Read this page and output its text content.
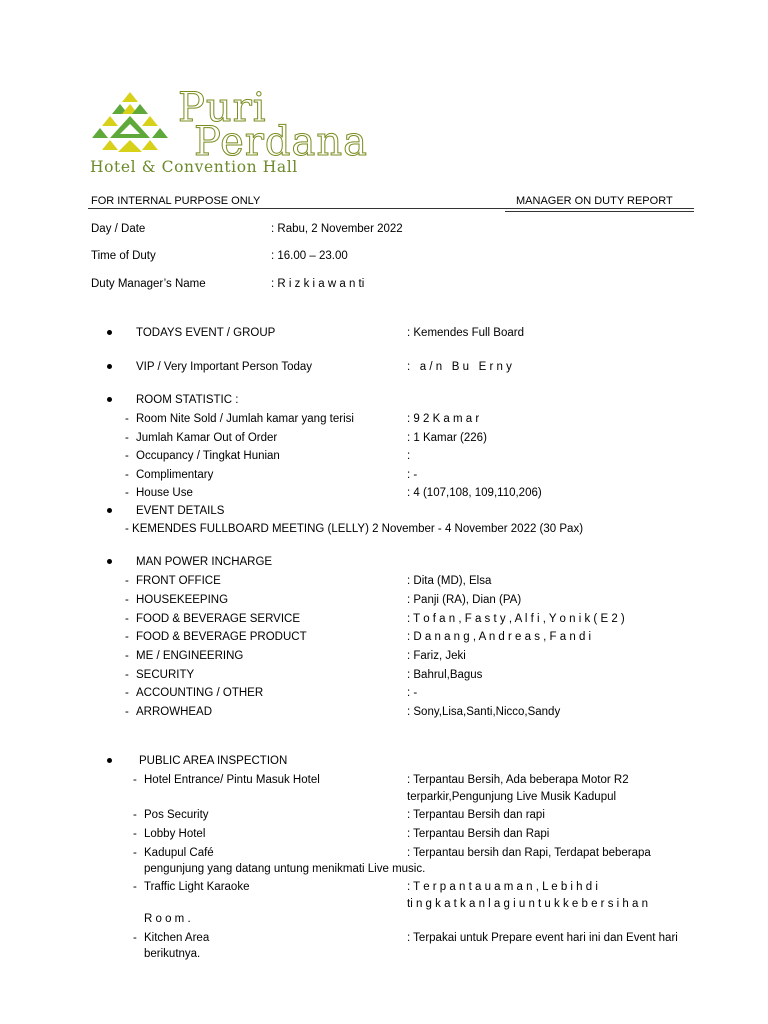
Puri
Perdana
Hotel & Convention Hall
FOR INTERNAL PURPOSE ONLY	MANAGER ON DUTY REPORT
Day / Date	: Rabu, 2 November 2022
Time of Duty	: 16.00 – 23.00
Duty Manager’s Name	: R i z k i a w a n ti
TODAYS EVENT / GROUP	: Kemendes Full Board
VIP / Very Important Person Today	: a/n Bu Erny
ROOM STATISTIC :
- Room Nite Sold / Jumlah kamar yang terisi	: 9 2 K a m a r
- Jumlah Kamar Out of Order	: 1 Kamar (226)
- Occupancy / Tingkat Hunian	:
- Complimentary	: -
- House Use	: 4 (107,108, 109,110,206)
EVENT DETAILS
- KEMENDES FULLBOARD MEETING (LELLY) 2 November - 4 November 2022 (30 Pax)
MAN POWER INCHARGE
- FRONT OFFICE	: Dita (MD), Elsa
- HOUSEKEEPING	: Panji (RA), Dian (PA)
- FOOD & BEVERAGE SERVICE	: T o f a n , F a s t y , A l f i , Y o n i k ( E 2 )
- FOOD & BEVERAGE PRODUCT	: D a n a n g , A n d r e a s , F a n d i
- ME / ENGINEERING	: Fariz, Jeki
- SECURITY	: Bahrul,Bagus
- ACCOUNTING / OTHER	: -
- ARROWHEAD	: Sony,Lisa,Santi,Nicco,Sandy
PUBLIC AREA INSPECTION
- Hotel Entrance/ Pintu Masuk Hotel	: Terpantau Bersih, Ada beberapa Motor R2
terparkir,Pengunjung Live Musik Kadupul
- Pos Security	: Terpantau Bersih dan rapi
- Lobby Hotel	: Terpantau Bersih dan Rapi
- Kadupul Café	: Terpantau bersih dan Rapi, Terdapat beberapa
pengunjung yang datang untung menikmati Live music.
- Traffic Light Karaoke	: T e r p a n t a u a m a n , L e b i h d i
ti n g k a t k a n l a g i u n t u k k e b e r s i h a n
R o o m .
- Kitchen Area	: Terpakai untuk Prepare event hari ini dan Event hari
berikutnya.
